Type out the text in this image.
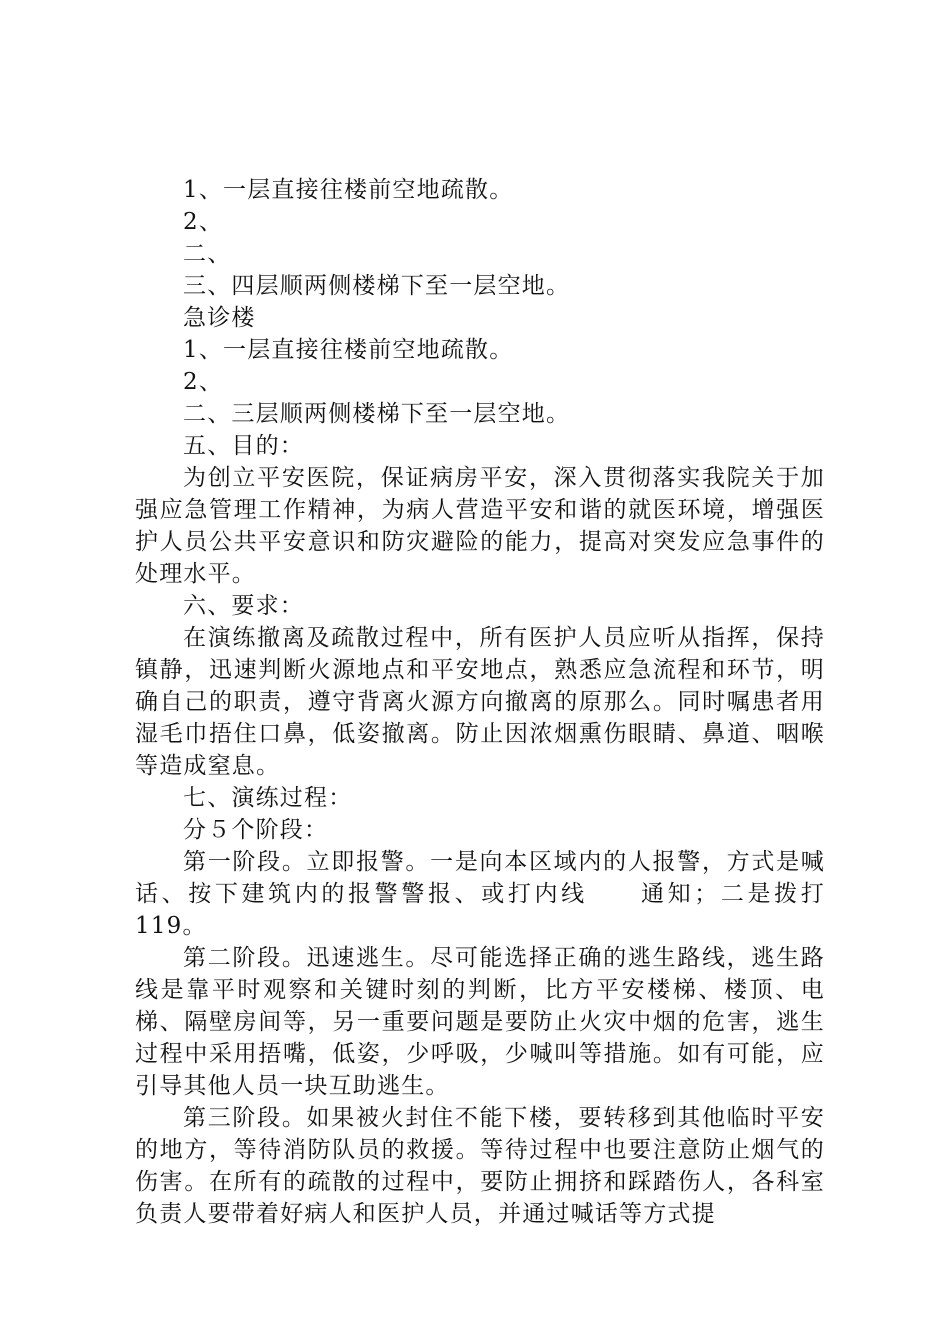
1、一层直接往楼前空地疏散。

2、

二、

三、四层顺两侧楼梯下至一层空地。

急诊楼

1、一层直接往楼前空地疏散。

2、

二、三层顺两侧楼梯下至一层空地。

五、目的：

为创立平安医院，保证病房平安，深入贯彻落实我院关于加强应急管理工作精神，为病人营造平安和谐的就医环境，增强医护人员公共平安意识和防灾避险的能力，提高对突发应急事件的处理水平。

六、要求：

在演练撤离及疏散过程中，所有医护人员应听从指挥，保持镇静，迅速判断火源地点和平安地点，熟悉应急流程和环节，明确自己的职责，遵守背离火源方向撤离的原那么。同时嘱患者用湿毛巾捂住口鼻，低姿撤离。防止因浓烟熏伤眼睛、鼻道、咽喉等造成窒息。

七、演练过程：

分５个阶段：

第一阶段。立即报警。一是向本区域内的人报警，方式是喊话、按下建筑内的报警警报、或打内线　　通知；二是拨打119。

第二阶段。迅速逃生。尽可能选择正确的逃生路线，逃生路线是靠平时观察和关键时刻的判断，比方平安楼梯、楼顶、电梯、隔壁房间等，另一重要问题是要防止火灾中烟的危害，逃生过程中采用捂嘴，低姿，少呼吸，少喊叫等措施。如有可能，应引导其他人员一块互助逃生。

第三阶段。如果被火封住不能下楼，要转移到其他临时平安的地方，等待消防队员的救援。等待过程中也要注意防止烟气的伤害。在所有的疏散的过程中，要防止拥挤和踩踏伤人，各科室负责人要带着好病人和医护人员，并通过喊话等方式提
